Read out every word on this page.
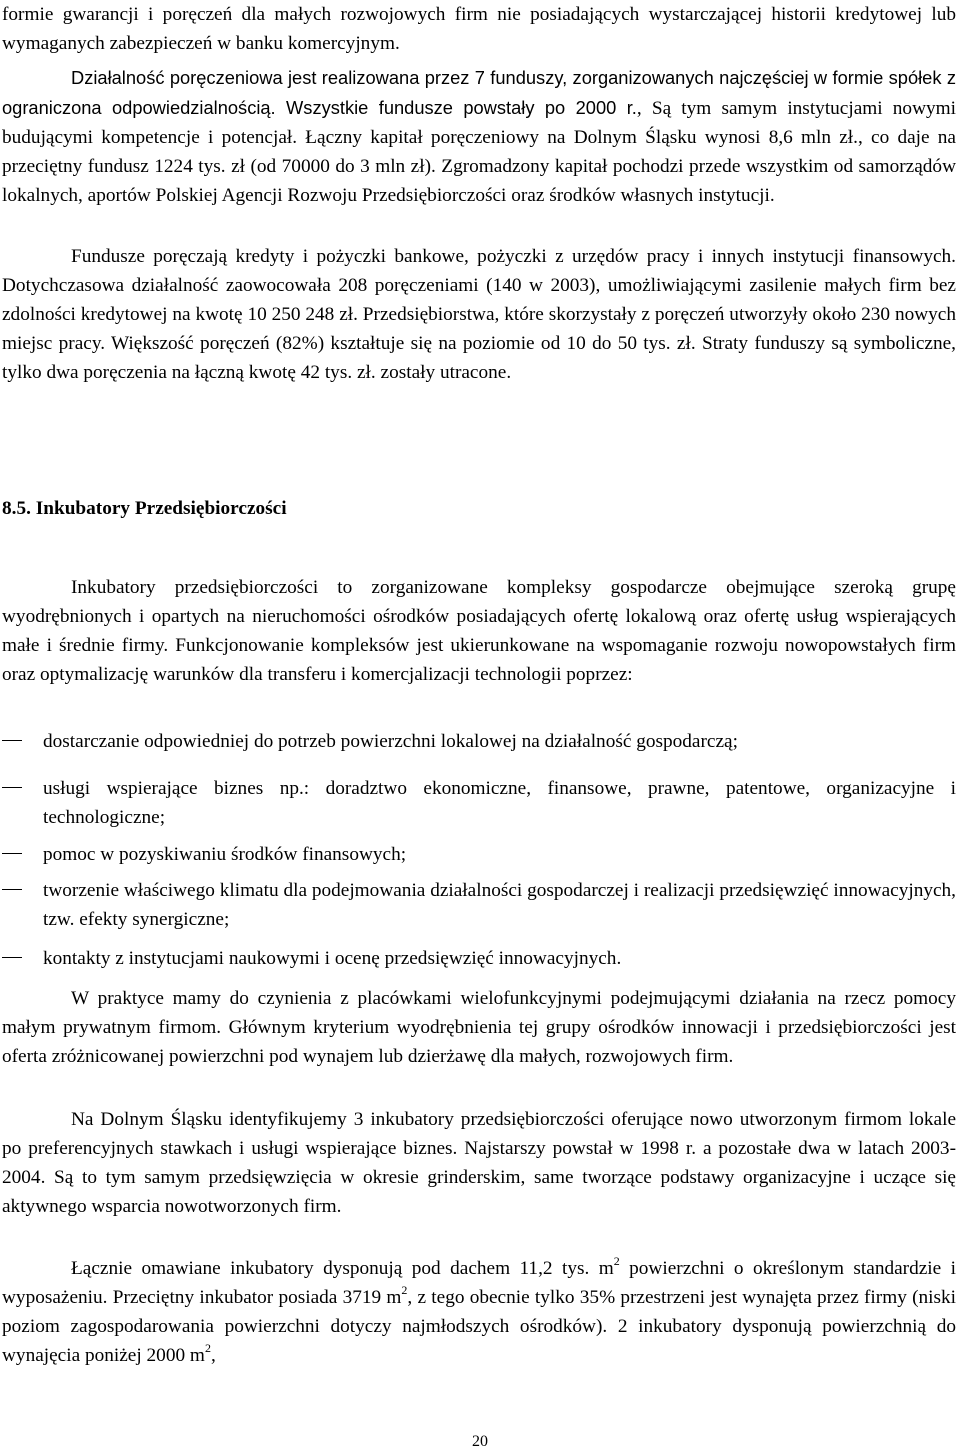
formie gwarancji i poręczeń dla małych rozwojowych firm nie posiadających wystarczającej historii kredytowej lub wymaganych zabezpieczeń w banku komercyjnym.

Działalność poręczeniowa jest realizowana przez 7 funduszy, zorganizowanych najczęściej w formie spółek z ograniczona odpowiedzialnością. Wszystkie fundusze powstały po 2000 r., Są tym samym instytucjami nowymi budującymi kompetencje i potencjał. Łączny kapitał poręczeniowy na Dolnym Śląsku wynosi 8,6 mln zł., co daje na przeciętny fundusz 1224 tys. zł (od 70000 do 3 mln zł). Zgromadzony kapitał pochodzi przede wszystkim od samorządów lokalnych, aportów Polskiej Agencji Rozwoju Przedsiębiorczości oraz środków własnych instytucji.

Fundusze poręczają kredyty i pożyczki bankowe, pożyczki z urzędów pracy i innych instytucji finansowych. Dotychczasowa działalność zaowocowała 208 poręczeniami (140 w 2003), umożliwiającymi zasilenie małych firm bez zdolności kredytowej na kwotę 10 250 248 zł. Przedsiębiorstwa, które skorzystały z poręczeń utworzyły około 230 nowych miejsc pracy. Większość poręczeń (82%) kształtuje się na poziomie od 10 do 50 tys. zł. Straty funduszy są symboliczne, tylko dwa poręczenia na łączną kwotę 42 tys. zł. zostały utracone.

8.5. Inkubatory Przedsiębiorczości

Inkubatory przedsiębiorczości to zorganizowane kompleksy gospodarcze obejmujące szeroką grupę wyodrębnionych i opartych na nieruchomości ośrodków posiadających ofertę lokalową oraz ofertę usług wspierających małe i średnie firmy. Funkcjonowanie kompleksów jest ukierunkowane na wspomaganie rozwoju nowopowstałych firm oraz optymalizację warunków dla transferu i komercjalizacji technologii poprzez:

dostarczanie odpowiedniej do potrzeb powierzchni lokalowej na działalność gospodarczą;

usługi wspierające biznes np.: doradztwo ekonomiczne, finansowe, prawne, patentowe, organizacyjne i technologiczne;

pomoc w pozyskiwaniu środków finansowych;

tworzenie właściwego klimatu dla podejmowania działalności gospodarczej i realizacji przedsięwzięć innowacyjnych, tzw. efekty synergiczne;

kontakty z instytucjami naukowymi i ocenę przedsięwzięć innowacyjnych.

W praktyce mamy do czynienia z placówkami wielofunkcyjnymi podejmującymi działania na rzecz pomocy małym prywatnym firmom. Głównym kryterium wyodrębnienia tej grupy ośrodków innowacji i przedsiębiorczości jest oferta zróżnicowanej powierzchni pod wynajem lub dzierżawę dla małych, rozwojowych firm.

Na Dolnym Śląsku identyfikujemy 3 inkubatory przedsiębiorczości oferujące nowo utworzonym firmom lokale po preferencyjnych stawkach i usługi wspierające biznes. Najstarszy powstał w 1998 r. a pozostałe dwa w latach 2003-2004. Są to tym samym przedsięwzięcia w okresie grinderskim, same tworzące podstawy organizacyjne i uczące się aktywnego wsparcia nowotworzonych firm.

Łącznie omawiane inkubatory dysponują pod dachem 11,2 tys. $m^2$ powierzchni o określonym standardzie i wyposażeniu. Przeciętny inkubator posiada 3719 $m^2$, z tego obecnie tylko 35% przestrzeni jest wynajęta przez firmy (niski poziom zagospodarowania powierzchni dotyczy najmłodszych ośrodków). 2 inkubatory dysponują powierzchnią do wynajęcia poniżej 2000 $m^2$,

20
